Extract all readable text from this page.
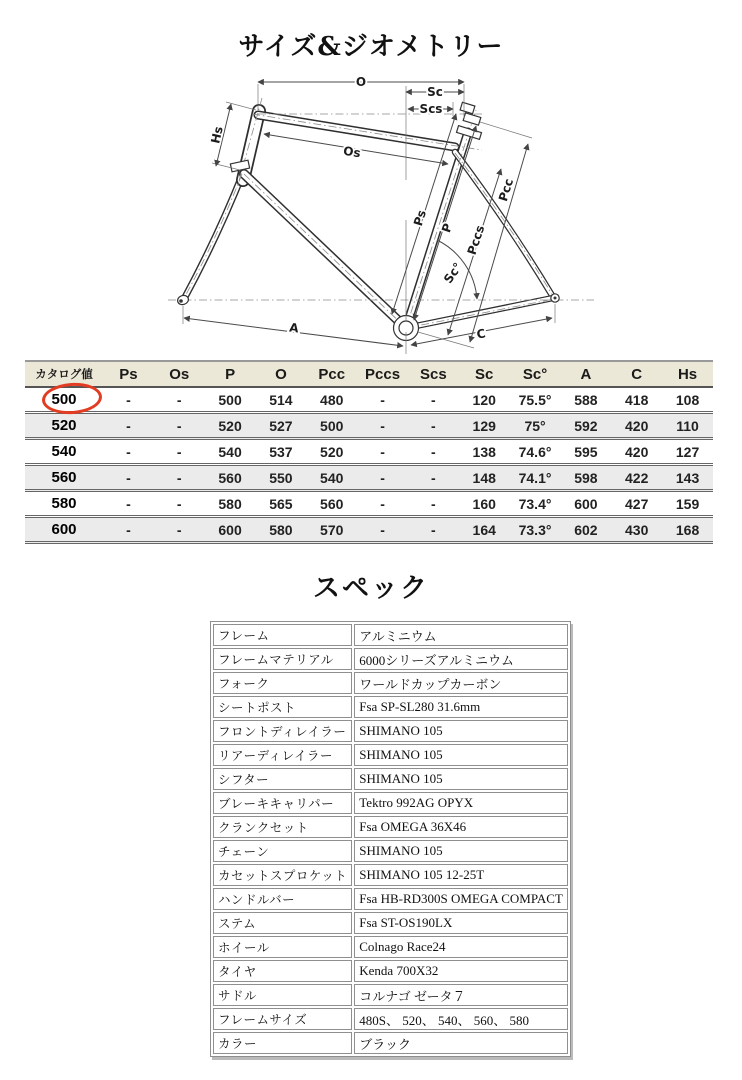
サイズ&ジオメトリー
O
Sc
Scs
Hs
Os
Ps
P Pccs
Pcc
Sc°
A	C
カタログ値	Ps	Os	P	O	Pcc	Pccs	Scs	Sc	Sc°	A	C	Hs
500	-	-	500	514	480	-	-	120	75.5°	588	418	108
520	-	-	520	527	500	-	-	129	75°	592	420	110
540	-	-	540	537	520	-	-	138	74.6°	595	420	127
560	-	-	560	550	540	-	-	148	74.1°	598	422	143
580	-	-	580	565	560	-	-	160	73.4°	600	427	159
600	-	-	600	580	570	-	-	164	73.3°	602	430	168
スペック
フレーム	アルミニウム
フレームマテリアル	6000シリーズアルミニウム
フォーク	ワールドカップカーボン
シートポスト	Fsa SP-SL280 31.6mm
フロントディレイラー	SHIMANO 105
リアーディレイラー	SHIMANO 105
シフター	SHIMANO 105
ブレーキキャリパー	Tektro 992AG OPYX
クランクセット	Fsa OMEGA 36X46
チェーン	SHIMANO 105
カセットスプロケット	SHIMANO 105 12-25T
ハンドルバー	Fsa HB-RD300S OMEGA COMPACT
ステム	Fsa ST-OS190LX
ホイール	Colnago Race24
タイヤ	Kenda 700X32
サドル	コルナゴ ゼータ７
フレームサイズ	480S、 520、 540、 560、 580
カラー	ブラック
